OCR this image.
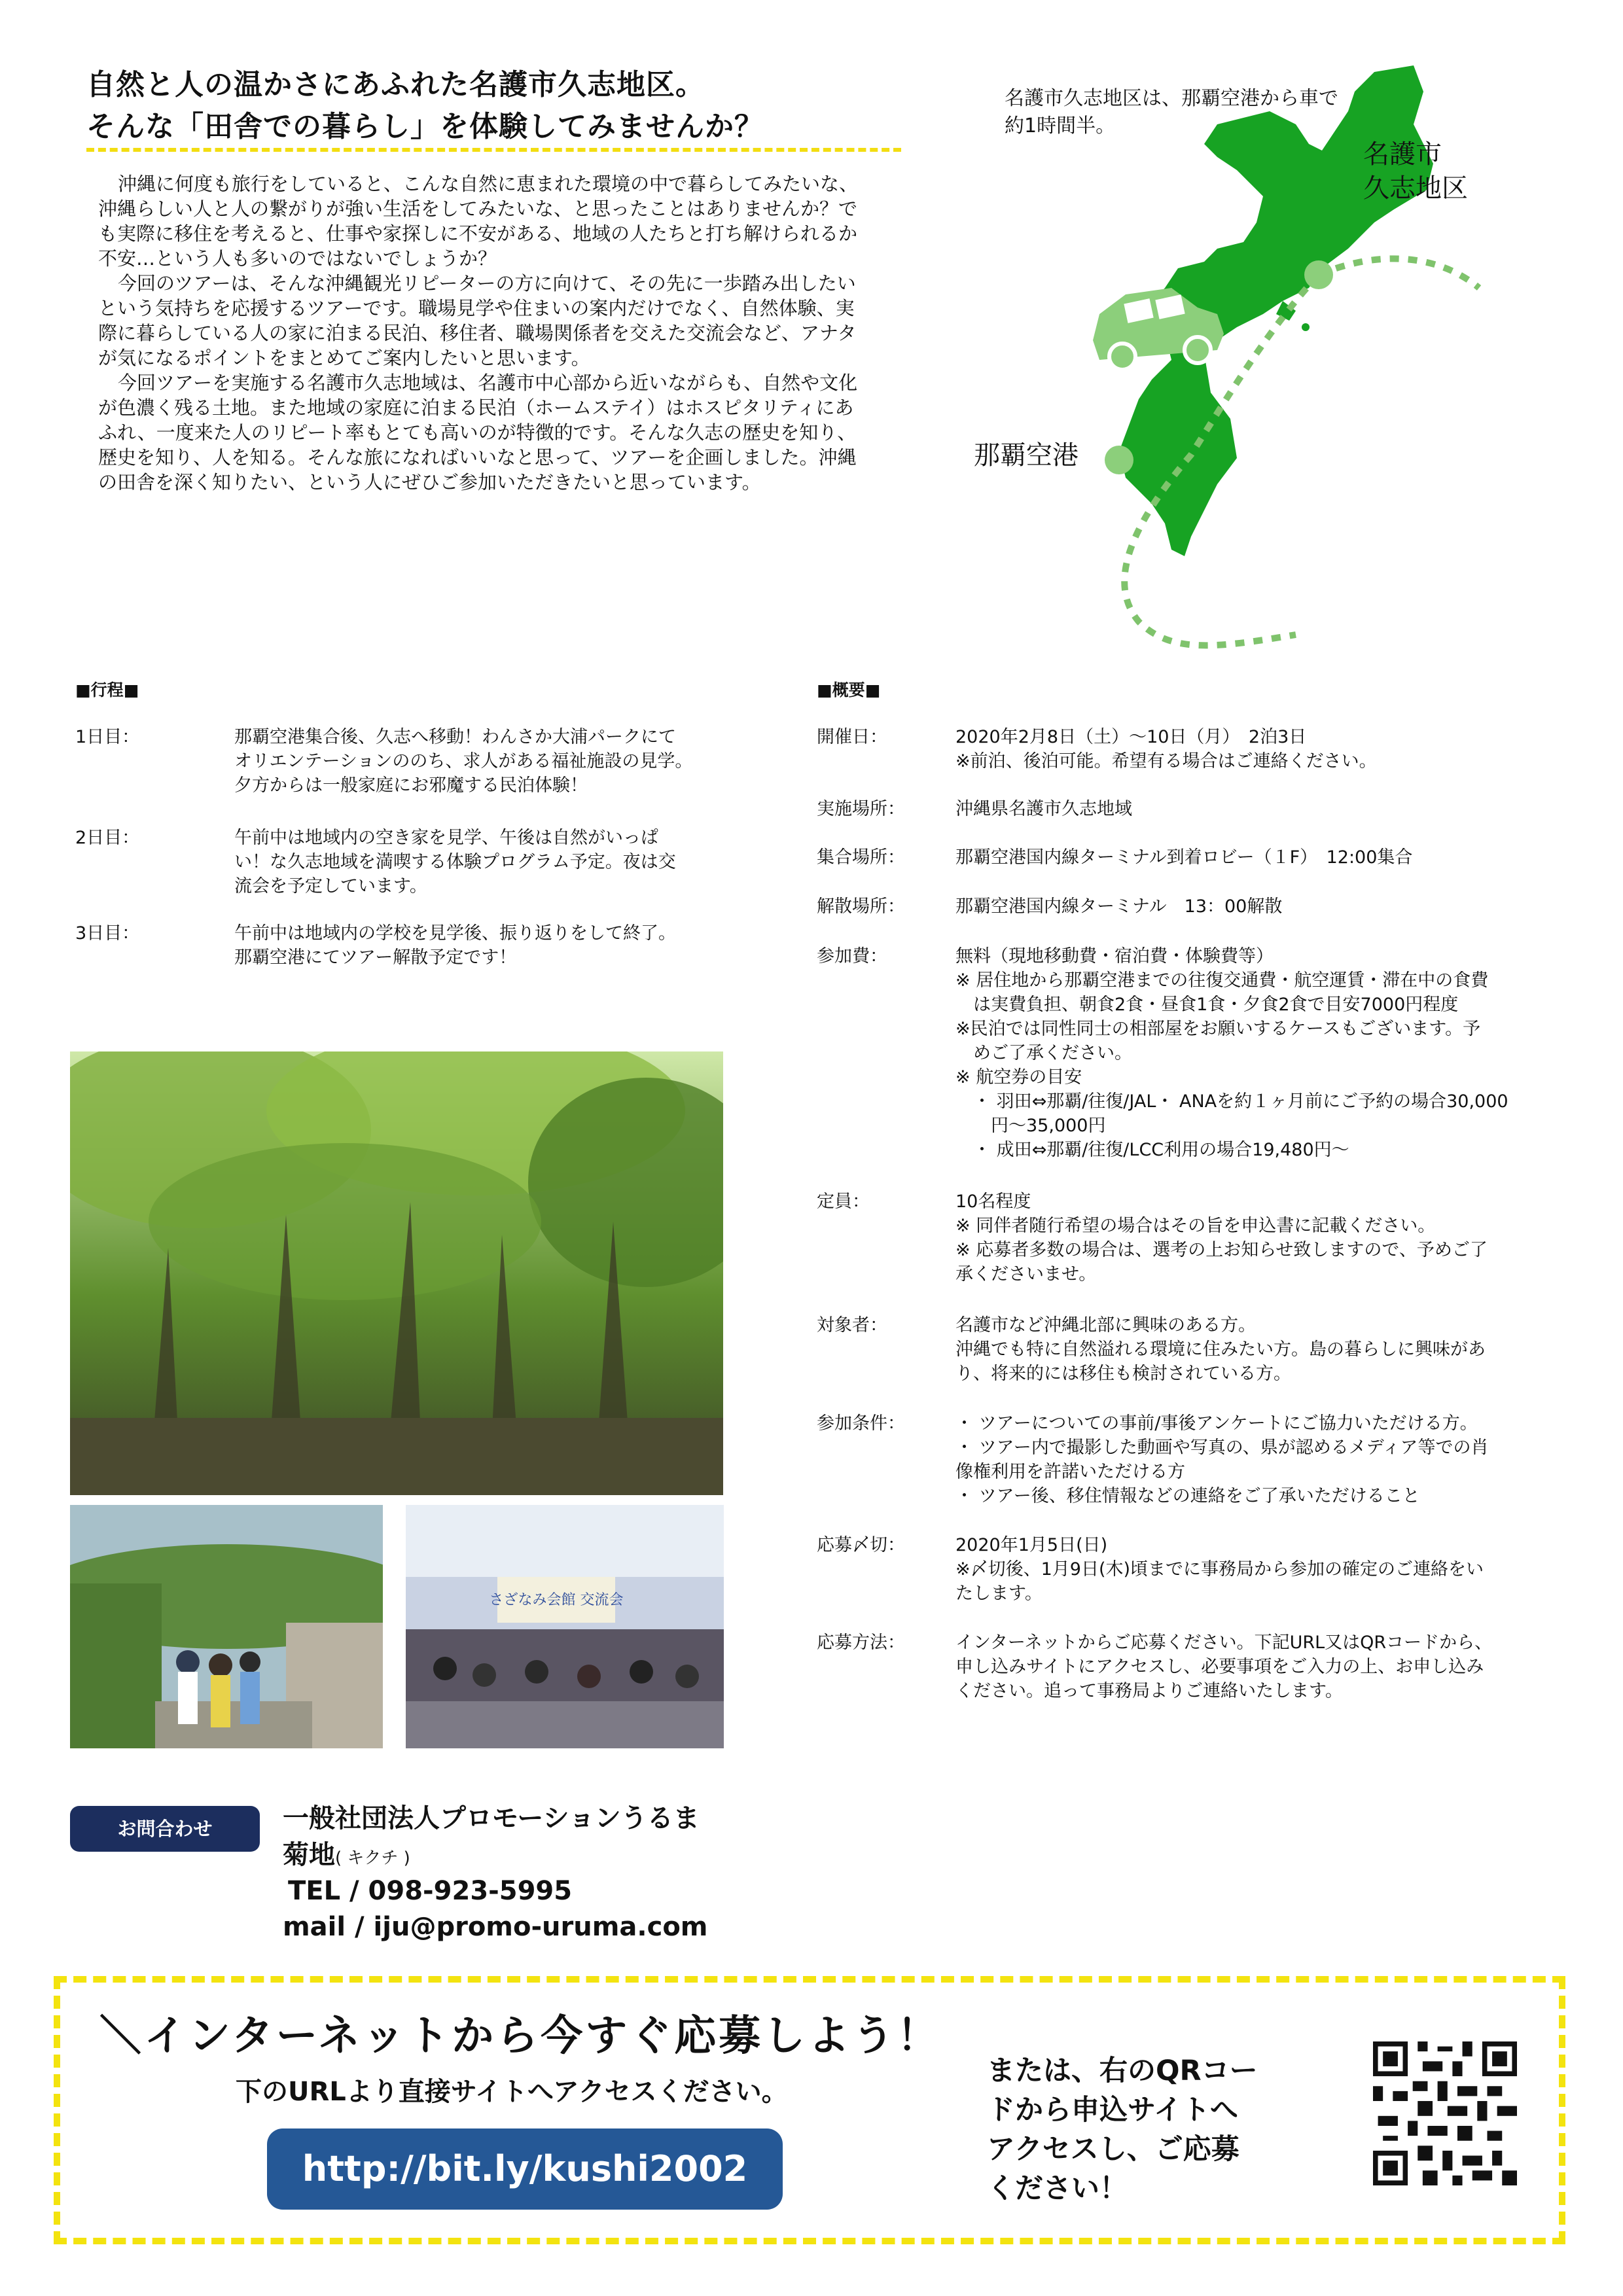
自然と人の温かさにあふれた名護市久志地区。
そんな「田舎での暮らし」を体験してみませんか？

沖縄に何度も旅行をしていると、こんな自然に恵まれた環境の中で暮らしてみたいな、沖縄らしい人と人の繋がりが強い生活をしてみたいな、と思ったことはありませんか？でも実際に移住を考えると、仕事や家探しに不安がある、地域の人たちと打ち解けられるか不安…という人も多いのではないでしょうか？

今回のツアーは、そんな沖縄観光リピーターの方に向けて、その先に一歩踏み出したいという気持ちを応援するツアーです。職場見学や住まいの案内だけでなく、自然体験、実際に暮らしている人の家に泊まる民泊、移住者、職場関係者を交えた交流会など、アナタが気になるポイントをまとめてご案内したいと思います。

今回ツアーを実施する名護市久志地域は、名護市中心部から近いながらも、自然や文化が色濃く残る土地。また地域の家庭に泊まる民泊（ホームステイ）はホスピタリティにあふれ、一度来た人のリピート率もとても高いのが特徴的です。そんな久志の歴史を知り、歴史を知り、人を知る。そんな旅になればいいなと思って、ツアーを企画しました。沖縄の田舎を深く知りたい、という人にぜひご参加いただきたいと思っています。

名護市久志地区は、那覇空港から車で
約1時間半。
名護市
久志地区
那覇空港
■行程■
1日目：	那覇空港集合後、久志へ移動！わんさか大浦パークにて
オリエンテーションののち、求人がある福祉施設の見学。
夕方からは一般家庭にお邪魔する民泊体験！
2日目：	午前中は地域内の空き家を見学、午後は自然がいっぱ
い！な久志地域を満喫する体験プログラム予定。夜は交
流会を予定しています。
3日目：	午前中は地域内の学校を見学後、振り返りをして終了。
那覇空港にてツアー解散予定です！
さざなみ会館 交流会
■概要■
開催日：	2020年2月8日（土）～10日（月）　2泊3日
※前泊、後泊可能。希望有る場合はご連絡ください。
実施場所：	沖縄県名護市久志地域
集合場所：	那覇空港国内線ターミナル到着ロビー（１F）　12:00集合
解散場所：	那覇空港国内線ターミナル　13：00解散
参加費：	無料（現地移動費・宿泊費・体験費等）
※ 居住地から那覇空港までの往復交通費・航空運賃・滞在中の食費
　は実費負担、朝食2食・昼食1食・夕食2食で目安7000円程度
※民泊では同性同士の相部屋をお願いするケースもございます。予
　めご了承ください。
※ 航空券の目安
　・ 羽田⇔那覇/往復/JAL・ ANAを約１ヶ月前にご予約の場合30,000
　　円～35,000円
　・ 成田⇔那覇/往復/LCC利用の場合19,480円～
定員：	10名程度
※ 同伴者随行希望の場合はその旨を申込書に記載ください。
※ 応募者多数の場合は、選考の上お知らせ致しますので、予めご了
承くださいませ。
対象者：	名護市など沖縄北部に興味のある方。
沖縄でも特に自然溢れる環境に住みたい方。島の暮らしに興味があ
り、将来的には移住も検討されている方。
参加条件：	・ ツアーについての事前/事後アンケートにご協力いただける方。
・ ツアー内で撮影した動画や写真の、県が認めるメディア等での肖
像権利用を許諾いただける方
・ ツアー後、移住情報などの連絡をご了承いただけること
応募〆切：	2020年1月5日(日)
※〆切後、1月9日(木)頃までに事務局から参加の確定のご連絡をい
たします。
応募方法：	インターネットからご応募ください。下記URL又はQRコードから、
申し込みサイトにアクセスし、必要事項をご入力の上、お申し込み
ください。追って事務局よりご連絡いたします。
お問合わせ	一般社団法人プロモーションうるま
菊地( キクチ )
TEL / 098-923-5995
mail / iju@promo-uruma.com
＼インターネットから今すぐ応募しよう！
下のURLより直接サイトへアクセスください。
http://bit.ly/kushi2002
または、右のQRコー
ドから申込サイトへ
アクセスし、ご応募
ください！
